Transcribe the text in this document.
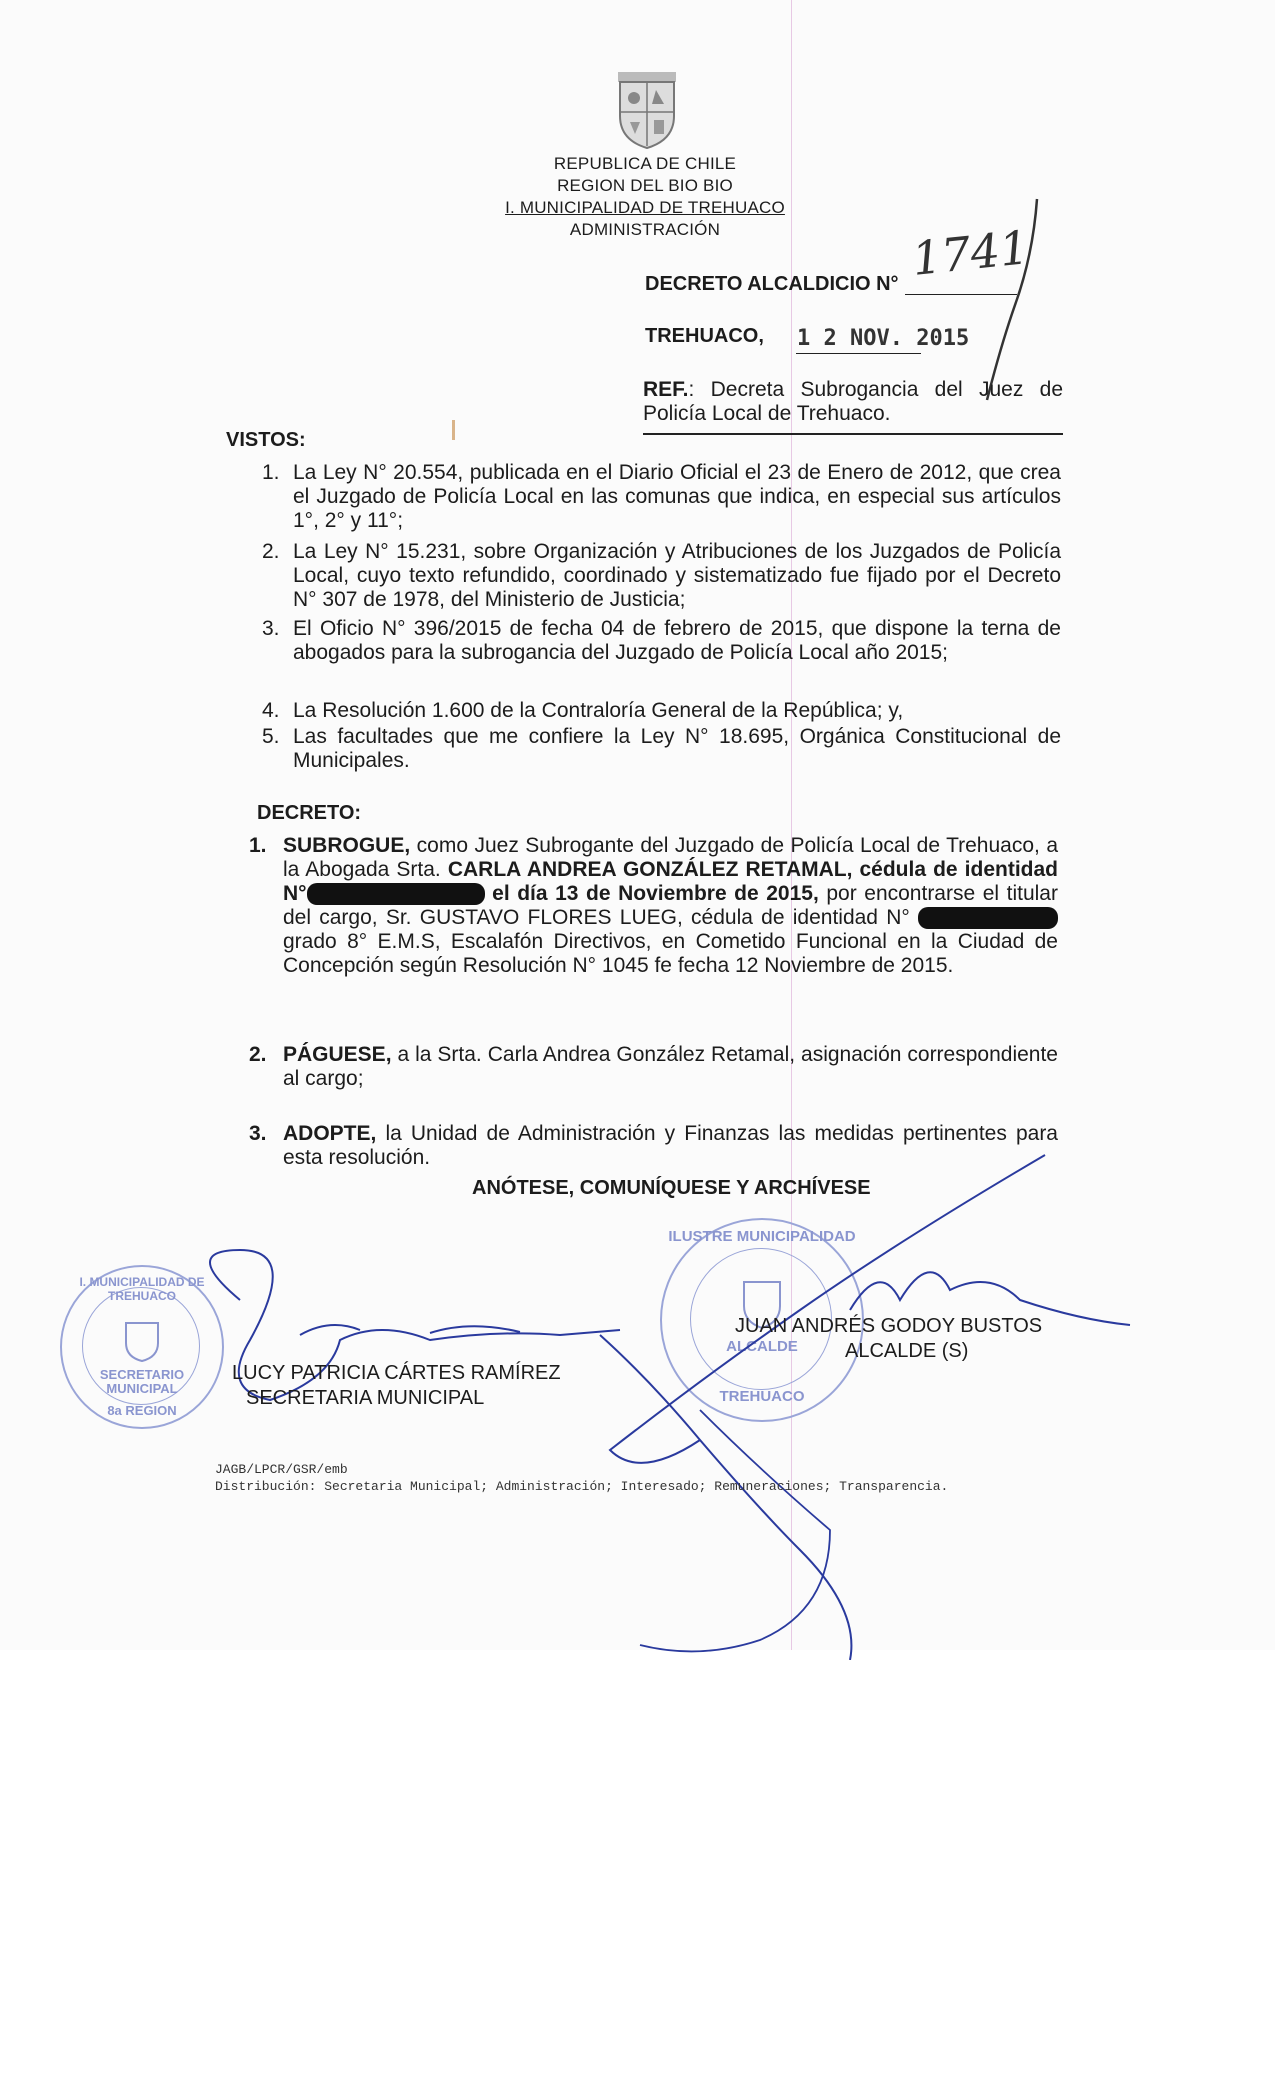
REPUBLICA DE CHILE
REGION DEL BIO BIO
I. MUNICIPALIDAD DE TREHUACO
ADMINISTRACIÓN
DECRETO ALCALDICIO N° 1741
TREHUACO, 1 2 NOV. 2015
REF.: Decreta Subrogancia del Juez de Policía Local de Trehuaco.
VISTOS:
1. La Ley N° 20.554, publicada en el Diario Oficial el 23 de Enero de 2012, que crea el Juzgado de Policía Local en las comunas que indica, en especial sus artículos 1°, 2° y 11°;
2. La Ley N° 15.231, sobre Organización y Atribuciones de los Juzgados de Policía Local, cuyo texto refundido, coordinado y sistematizado fue fijado por el Decreto N° 307 de 1978, del Ministerio de Justicia;
3. El Oficio N° 396/2015 de fecha 04 de febrero de 2015, que dispone la terna de abogados para la subrogancia del Juzgado de Policía Local año 2015;
4. La Resolución 1.600 de la Contraloría General de la República; y,
5. Las facultades que me confiere la Ley N° 18.695, Orgánica Constitucional de Municipales.
DECRETO:
1. SUBROGUE, como Juez Subrogante del Juzgado de Policía Local de Trehuaco, a la Abogada Srta. CARLA ANDREA GONZÁLEZ RETAMAL, cédula de identidad N°	el día 13 de Noviembre de 2015, por encontrarse el titular del cargo, Sr. GUSTAVO FLORES LUEG, cédula de identidad N°  grado 8° E.M.S, Escalafón Directivos, en Cometido Funcional en la Ciudad de Concepción según Resolución N° 1045 fe fecha 12 Noviembre de 2015.
2. PÁGUESE, a la Srta. Carla Andrea González Retamal, asignación correspondiente al cargo;
3. ADOPTE, la Unidad de Administración y Finanzas las medidas pertinentes para esta resolución.
ANÓTESE, COMUNÍQUESE Y ARCHÍVESE
I. MUNICIPALIDAD DE TREHUACO
SECRETARIO
MUNICIPAL
8a REGION
ILUSTRE MUNICIPALIDAD
ALCALDE
TREHUACO
JUAN ANDRÉS GODOY BUSTOS
ALCALDE (S)
LUCY PATRICIA CÁRTES RAMÍREZ
SECRETARIA MUNICIPAL
JAGB/LPCR/GSR/emb
Distribución: Secretaria Municipal; Administración; Interesado; Remuneraciones; Transparencia.
